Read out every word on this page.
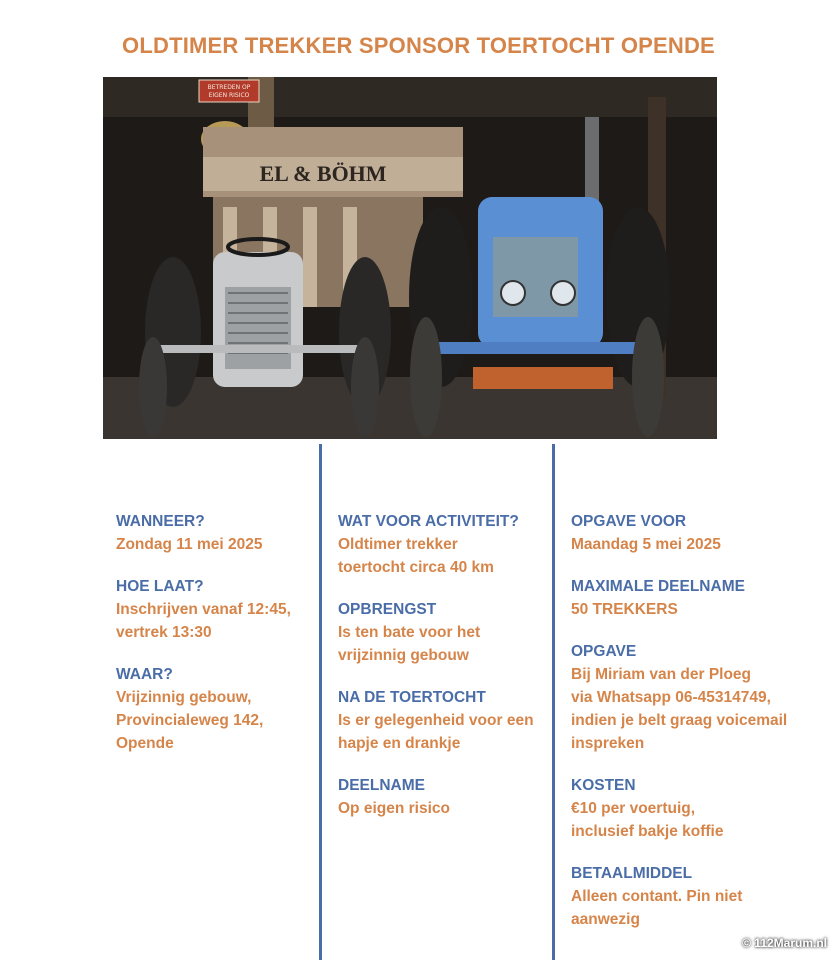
OLDTIMER TREKKER SPONSOR TOERTOCHT OPENDE
BETREDEN OP
EIGEN RISICO
EL & BÖHM
WANNEER?
Zondag 11 mei 2025
HOE LAAT?
Inschrijven vanaf 12:45,
vertrek 13:30
WAAR?
Vrijzinnig gebouw,
Provincialeweg 142,
Opende
WAT VOOR ACTIVITEIT?
Oldtimer trekker
toertocht circa 40 km
OPBRENGST
Is ten bate voor het
vrijzinnig gebouw
NA DE TOERTOCHT
Is er gelegenheid voor een
hapje en drankje
DEELNAME
Op eigen risico
OPGAVE VOOR
Maandag 5 mei 2025
MAXIMALE DEELNAME
50 TREKKERS
OPGAVE
Bij Miriam van der Ploeg
via Whatsapp 06-45314749,
indien je belt graag voicemail
inspreken
KOSTEN
€10 per voertuig,
inclusief bakje koffie
BETAALMIDDEL
Alleen contant. Pin niet
aanwezig
© 112Marum.nl
